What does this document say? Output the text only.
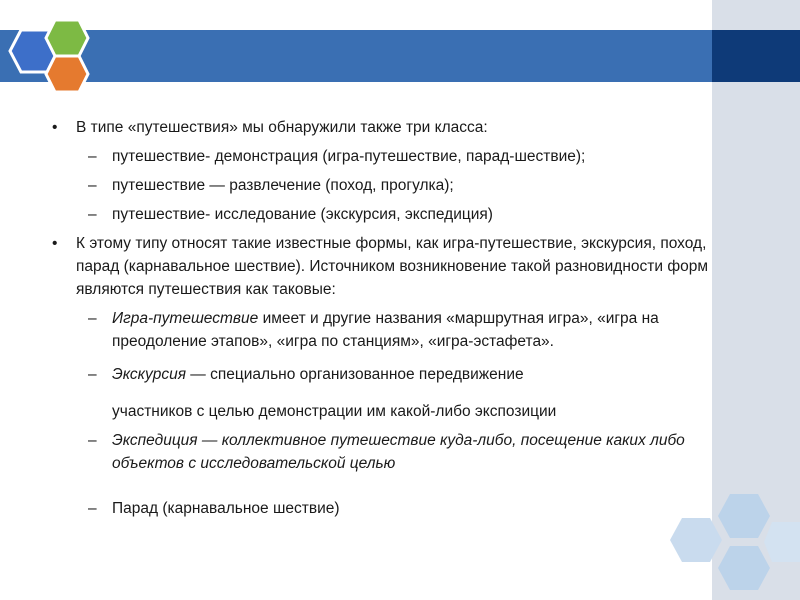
• В типе «путешествия» мы обнаружили также три класса:

– путешествие- демонстрация (игра-путешествие, парад-шествие);

– путешествие — развлечение (поход, прогулка);

– путешествие- исследование (экскурсия, экспедиция)

• К этому типу относят такие известные формы, как игра-путешествие, экскурсия, поход, парад (карнавальное шествие). Источником возникновение такой разновидности форм являются путешествия как таковые:

– Игра-путешествие имеет и другие названия «маршрутная игра», «игра на преодоление этапов», «игра по станциям», «игра-эстафета».

– Экскурсия — специально организованное передвижение

участников с целью демонстрации им какой-либо экспозиции

– Экспедиция — коллективное путешествие куда-либо, посещение каких либо объектов с исследовательской целью

– Парад (карнавальное шествие)
